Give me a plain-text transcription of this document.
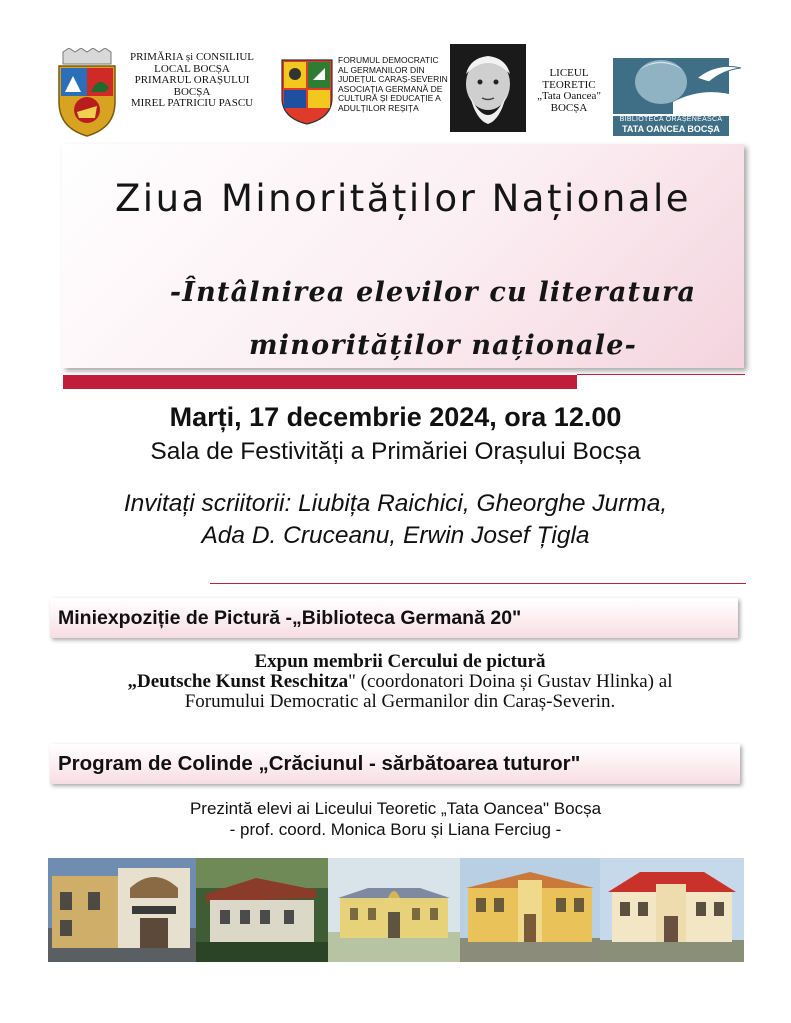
PRIMĂRIA și CONSILIUL
LOCAL BOCȘA
PRIMARUL ORAȘULUI
BOCȘA
MIREL PATRICIU PASCU
FORUMUL DEMOCRATIC
AL GERMANILOR DIN
JUDEȚUL CARAȘ-SEVERIN
ASOCIAȚIA GERMANĂ DE
CULTURĂ ȘI EDUCAȚIE A
ADULȚILOR REȘIȚA
LICEUL
TEORETIC
„Tata Oancea"
BOCȘA
BIBLIOTECA ORĂȘENEASCĂ
TATA OANCEA BOCȘA
Ziua Minorităților Naționale
-Întâlnirea elevilor cu literatura
minorităților naționale-
Marți, 17 decembrie 2024, ora 12.00
Sala de Festivități a Primăriei Orașului Bocșa
Invitați scriitorii: Liubița Raichici, Gheorghe Jurma,
Ada D. Cruceanu, Erwin Josef Țigla
Miniexpoziție de Pictură -„Biblioteca Germană 20"
Expun membrii Cercului de pictură
„Deutsche Kunst Reschitza" (coordonatori Doina și Gustav Hlinka) al
Forumului Democratic al Germanilor din Caraș-Severin.
Program de Colinde „Crăciunul - sărbătoarea tuturor"
Prezintă elevi ai Liceului Teoretic „Tata Oancea" Bocșa
- prof. coord. Monica Boru și Liana Ferciug -
